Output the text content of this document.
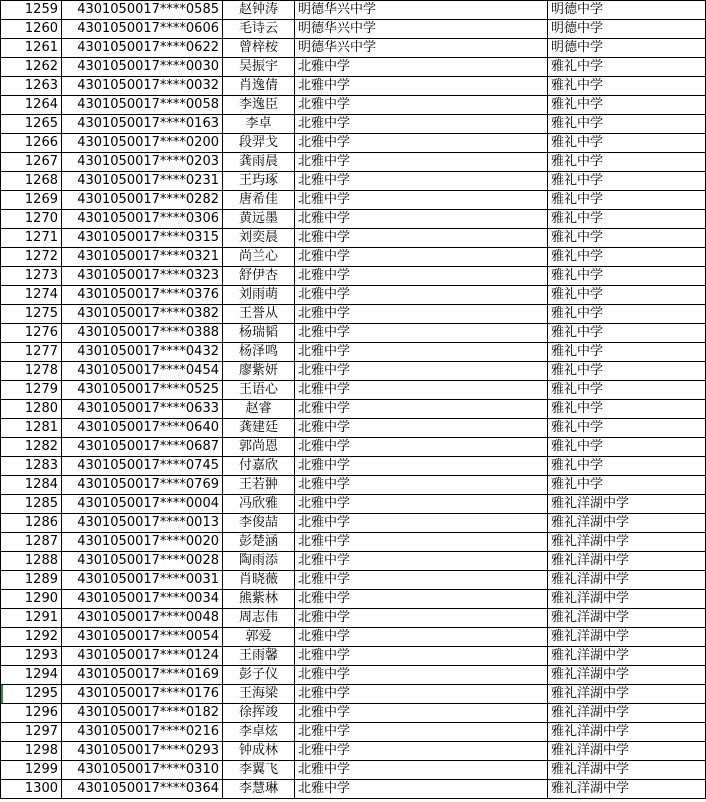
1259	4301050017****0585	赵钟涛	明德华兴中学	明德中学
1260	4301050017****0606	毛诗云	明德华兴中学	明德中学
1261	4301050017****0622	曾梓桉	明德华兴中学	明德中学
1262	4301050017****0030	吴振宇	北雅中学	雅礼中学
1263	4301050017****0032	肖逸倩	北雅中学	雅礼中学
1264	4301050017****0058	李逸臣	北雅中学	雅礼中学
1265	4301050017****0163	李卓	北雅中学	雅礼中学
1266	4301050017****0200	段羿戈	北雅中学	雅礼中学
1267	4301050017****0203	龚雨晨	北雅中学	雅礼中学
1268	4301050017****0231	王玙琢	北雅中学	雅礼中学
1269	4301050017****0282	唐希佳	北雅中学	雅礼中学
1270	4301050017****0306	黄远墨	北雅中学	雅礼中学
1271	4301050017****0315	刘奕晨	北雅中学	雅礼中学
1272	4301050017****0321	尚兰心	北雅中学	雅礼中学
1273	4301050017****0323	舒伊杏	北雅中学	雅礼中学
1274	4301050017****0376	刘雨萌	北雅中学	雅礼中学
1275	4301050017****0382	王誉从	北雅中学	雅礼中学
1276	4301050017****0388	杨瑞韬	北雅中学	雅礼中学
1277	4301050017****0432	杨泽鸣	北雅中学	雅礼中学
1278	4301050017****0454	廖紫妍	北雅中学	雅礼中学
1279	4301050017****0525	王语心	北雅中学	雅礼中学
1280	4301050017****0633	赵睿	北雅中学	雅礼中学
1281	4301050017****0640	龚建廷	北雅中学	雅礼中学
1282	4301050017****0687	郭尚恩	北雅中学	雅礼中学
1283	4301050017****0745	付嘉欣	北雅中学	雅礼中学
1284	4301050017****0769	王若翀	北雅中学	雅礼中学
1285	4301050017****0004	冯欣雅	北雅中学	雅礼洋湖中学
1286	4301050017****0013	李俊喆	北雅中学	雅礼洋湖中学
1287	4301050017****0020	彭楚涵	北雅中学	雅礼洋湖中学
1288	4301050017****0028	陶雨添	北雅中学	雅礼洋湖中学
1289	4301050017****0031	肖晓薇	北雅中学	雅礼洋湖中学
1290	4301050017****0034	熊紫林	北雅中学	雅礼洋湖中学
1291	4301050017****0048	周志伟	北雅中学	雅礼洋湖中学
1292	4301050017****0054	郭爱	北雅中学	雅礼洋湖中学
1293	4301050017****0124	王雨馨	北雅中学	雅礼洋湖中学
1294	4301050017****0169	彭子仪	北雅中学	雅礼洋湖中学
1295	4301050017****0176	王海梁	北雅中学	雅礼洋湖中学
1296	4301050017****0182	徐挥竣	北雅中学	雅礼洋湖中学
1297	4301050017****0216	李卓炫	北雅中学	雅礼洋湖中学
1298	4301050017****0293	钟成林	北雅中学	雅礼洋湖中学
1299	4301050017****0310	李翼飞	北雅中学	雅礼洋湖中学
1300	4301050017****0364	李慧琳	北雅中学	雅礼洋湖中学
